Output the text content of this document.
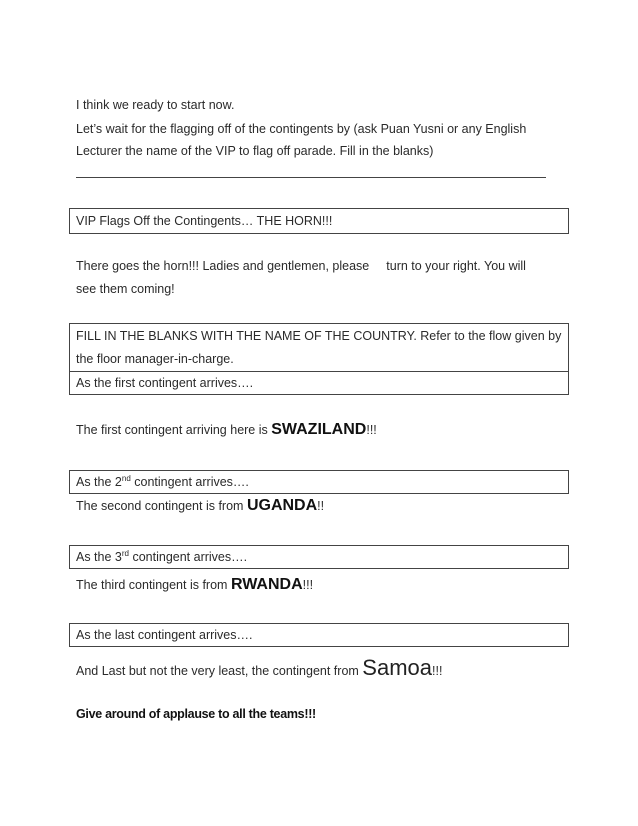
I think we ready to start now.
Let’s wait for the flagging off of the contingents by (ask Puan Yusni or any English
Lecturer the name of the VIP to flag off parade. Fill in the blanks)
VIP Flags Off the Contingents… THE HORN!!!
There goes the horn!!! Ladies and gentlemen, please turn to your right. You will
see them coming!
FILL IN THE BLANKS WITH THE NAME OF THE COUNTRY. Refer to the flow given by
the floor manager-in-charge.
As the first contingent arrives….
The first contingent arriving here is SWAZILAND!!!
As the 2nd contingent arrives….
The second contingent is from UGANDA!!
As the 3rd contingent arrives….
The third contingent is from RWANDA!!!
As the last contingent arrives….
And Last but not the very least, the contingent from Samoa!!!
Give around of applause to all the teams!!!
